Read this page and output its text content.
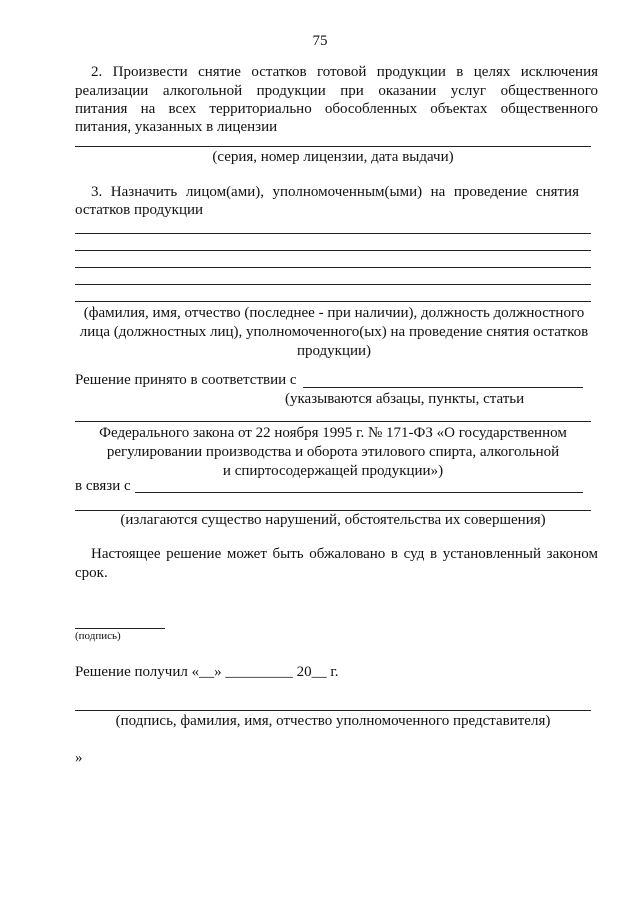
75
2. Произвести снятие остатков готовой продукции в целях исключения
реализации алкогольной продукции при оказании услуг общественного
питания на всех территориально обособленных объектах общественного
питания, указанных в лицензии
(серия, номер лицензии, дата выдачи)
3. Назначить лицом(ами), уполномоченным(ыми) на проведение снятия
остатков продукции
(фамилия, имя, отчество (последнее - при наличии), должность должностного
лица (должностных лиц), уполномоченного(ых) на проведение снятия остатков
продукции)
Решение принято в соответствии с
(указываются абзацы, пункты, статьи
Федерального закона от 22 ноября 1995 г. № 171-ФЗ «О государственном
регулировании производства и оборота этилового спирта, алкогольной
и спиртосодержащей продукции»)
в связи с
(излагаются существо нарушений, обстоятельства их совершения)
Настоящее решение может быть обжаловано в суд в установленный законом
срок.
(подпись)
Решение получил «__» _________ 20__ г.
(подпись, фамилия, имя, отчество уполномоченного представителя)
»
